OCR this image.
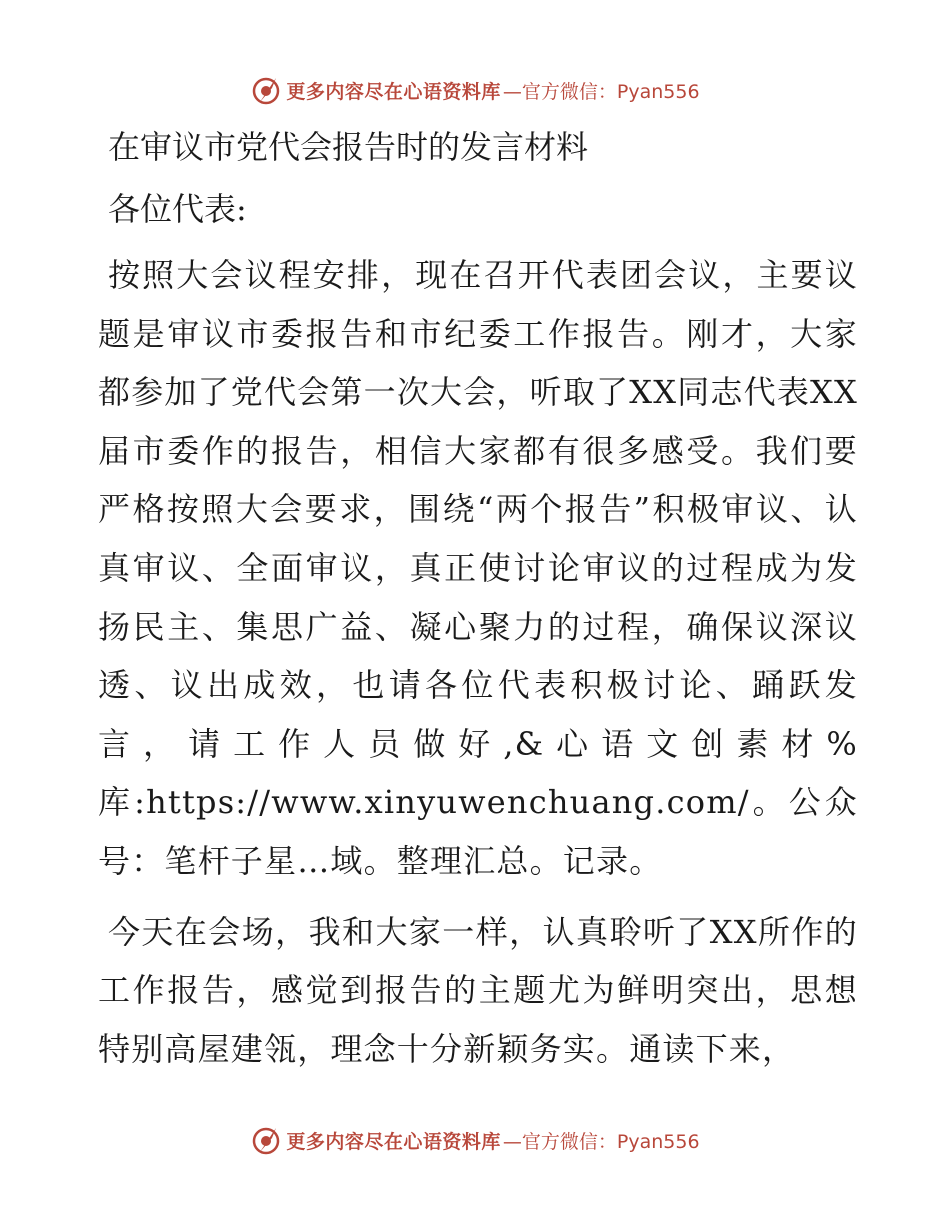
更多内容尽在心语资料库 —官方微信：Pyan556
在审议市党代会报告时的发言材料
各位代表:

按照大会议程安排，现在召开代表团会议，主要议题是审议市委报告和市纪委工作报告。刚才，大家都参加了党代会第一次大会，听取了XX同志代表XX届市委作的报告，相信大家都有很多感受。我们要严格按照大会要求，围绕“两个报告”积极审议、认真审议、全面审议，真正使讨论审议的过程成为发扬民主、集思广益、凝心聚力的过程，确保议深议透、议出成效，也请各位代表积极讨论、踊跃发言，请工作人员做好,&心语文创素材%库:https://www.xinyuwenchuang.com/。公众号：笔杆子星…域。整理汇总。记录。

今天在会场，我和大家一样，认真聆听了XX所作的工作报告，感觉到报告的主题尤为鲜明突出，思想特别高屋建瓴，理念十分新颖务实。通读下来，

更多内容尽在心语资料库 —官方微信：Pyan556
